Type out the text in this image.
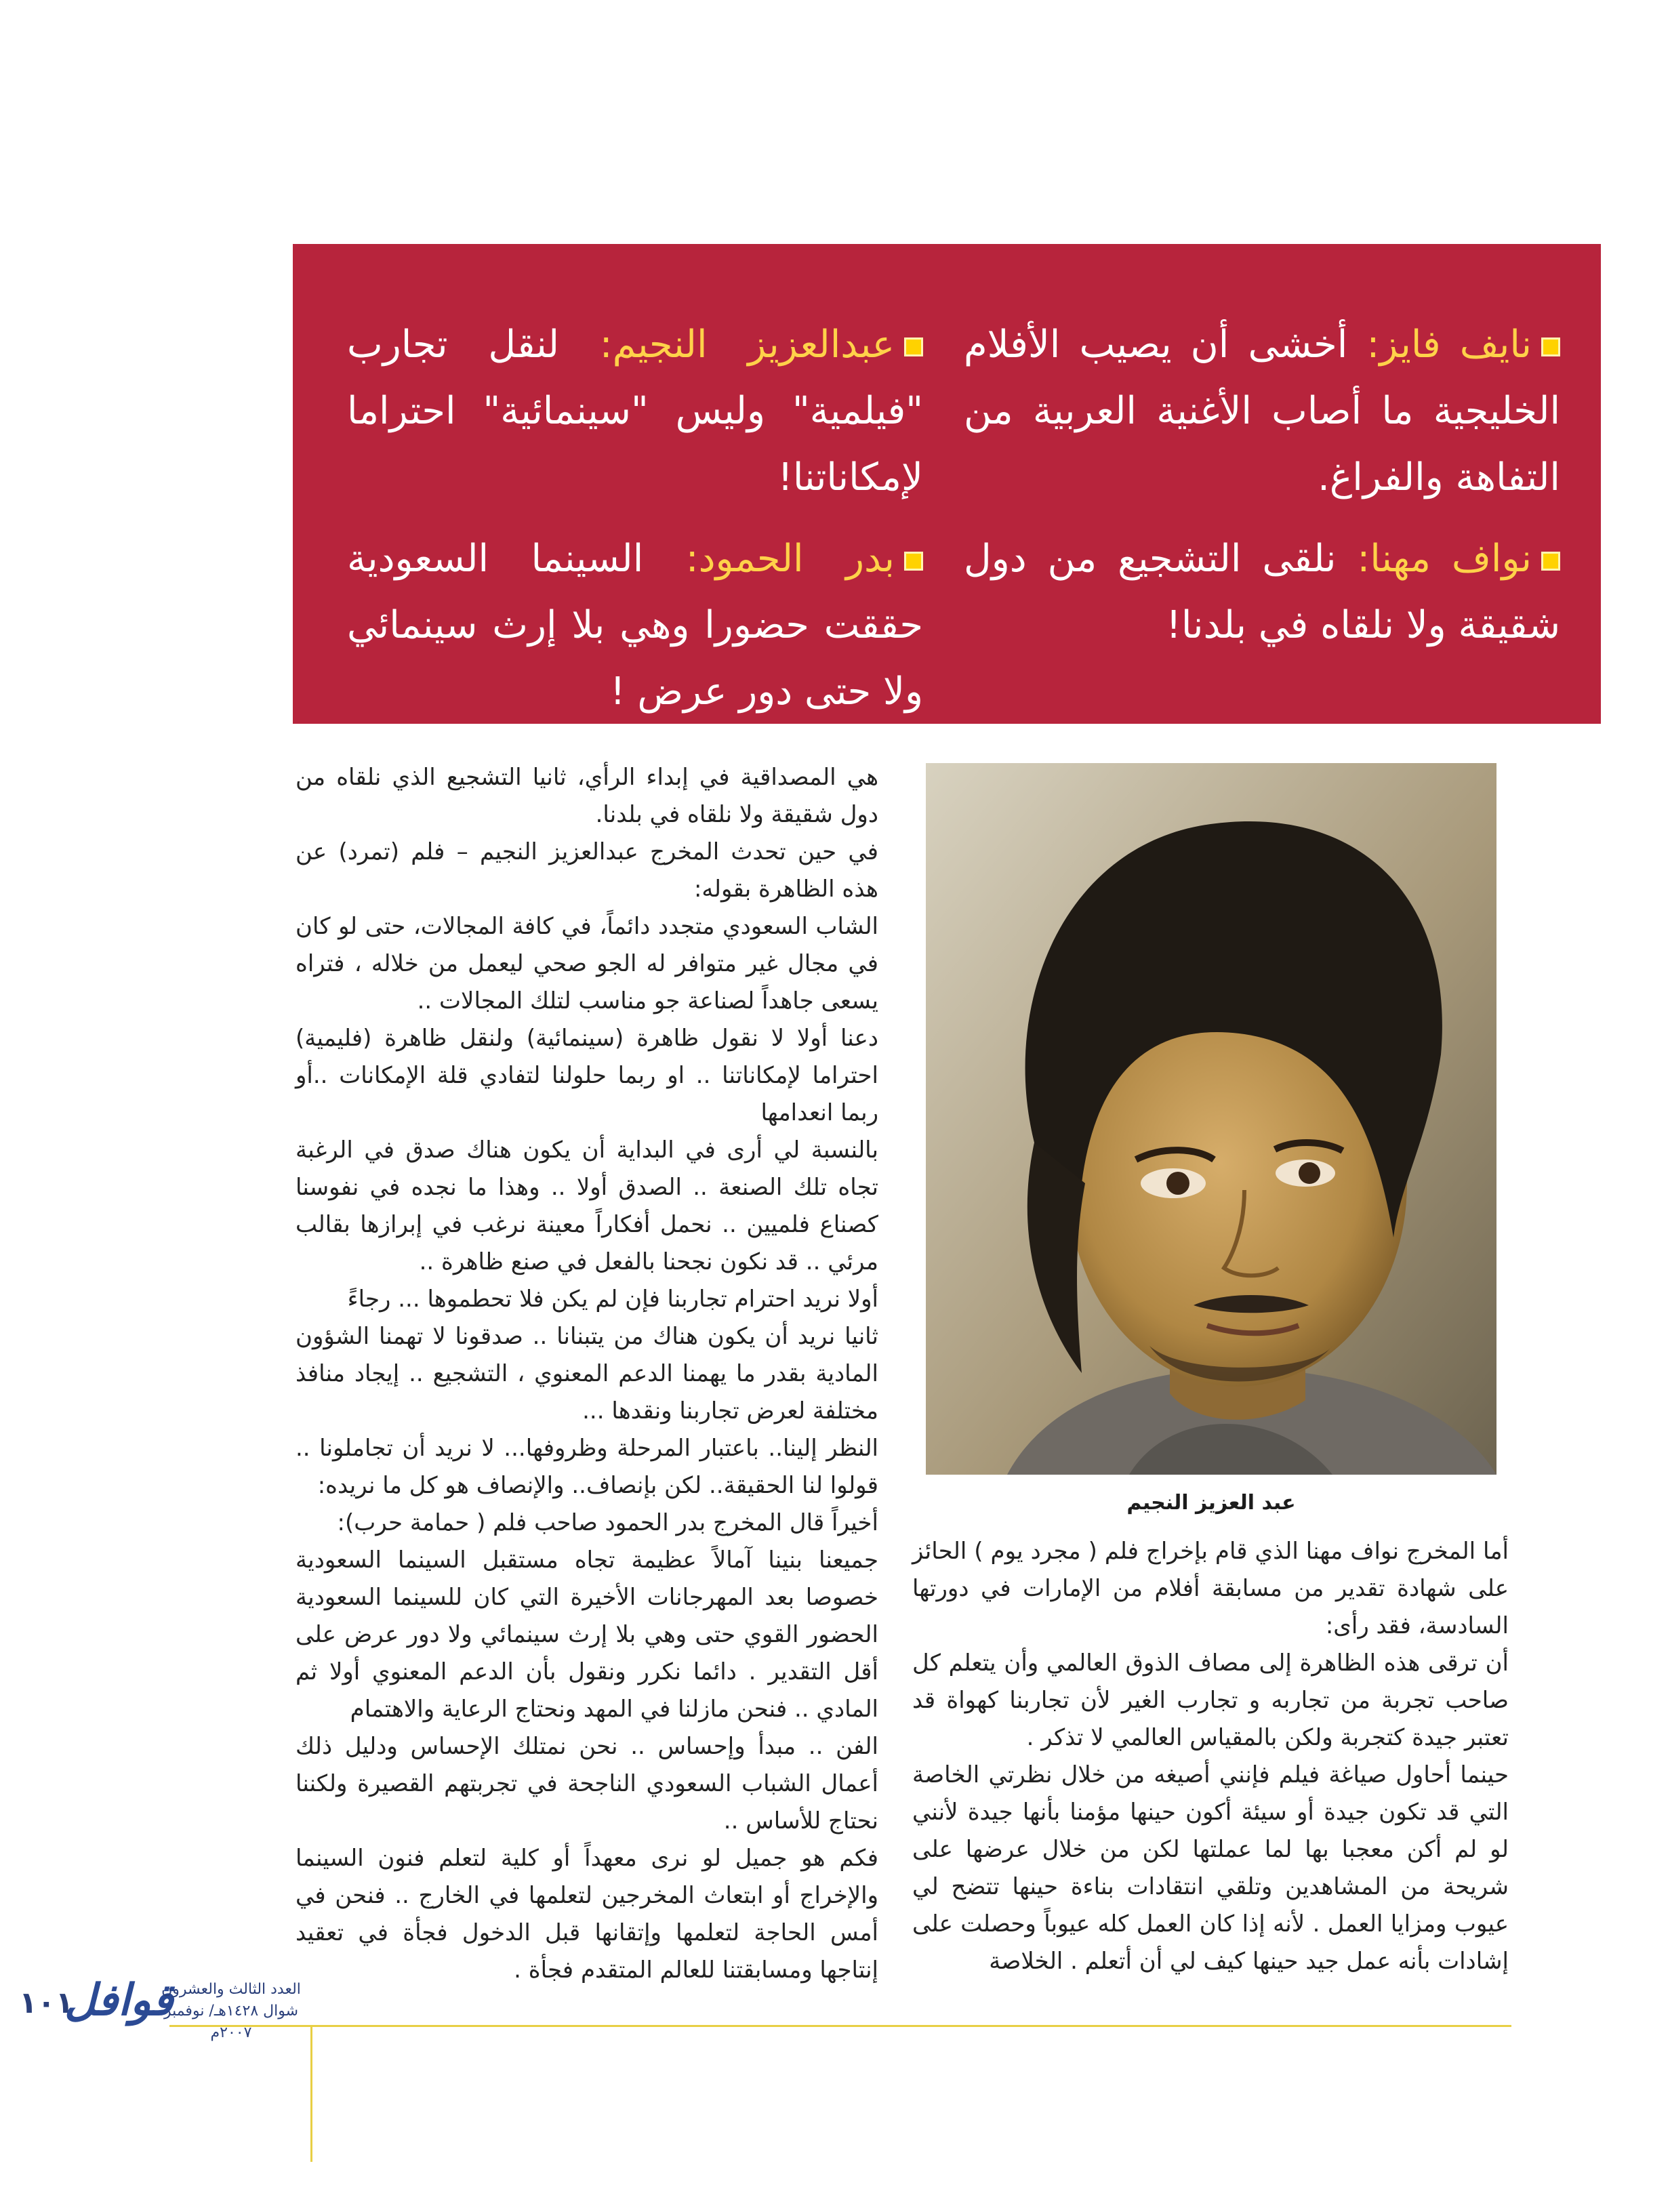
نايف فايز: أخشى أن يصيب الأفلام الخليجية ما أصاب الأغنية العربية من التفاهة والفراغ.

نواف مهنا: نلقى التشجيع من دول شقيقة ولا نلقاه في بلدنا!

عبدالعزيز النجيم: لنقل تجارب "فيلمية" وليس "سينمائية" احتراما لإمكاناتنا!

بدر الحمود: السينما السعودية حققت حضورا وهي بلا إرث سينمائي ولا حتى دور عرض !

عبد العزيز النجيم

هي المصداقية في إبداء الرأي، ثانيا التشجيع الذي نلقاه من دول شقيقة ولا نلقاه في بلدنا.

في حين تحدث المخرج عبدالعزيز النجيم – فلم (تمرد) عن هذه الظاهرة بقوله:

الشاب السعودي متجدد دائماً، في كافة المجالات، حتى لو كان في مجال غير متوافر له الجو صحي ليعمل من خلاله ، فتراه يسعى جاهداً لصناعة جو مناسب لتلك المجالات ..

دعنا أولا لا نقول ظاهرة (سينمائية) ولنقل ظاهرة (فليمية) احتراما لإمكاناتنا .. او ربما حلولنا لتفادي قلة الإمكانات ..أو ربما انعدامها

بالنسبة لي أرى في البداية أن يكون هناك صدق في الرغبة تجاه تلك الصنعة .. الصدق أولا .. وهذا ما نجده في نفوسنا كصناع فلميين .. نحمل أفكاراً معينة نرغب في إبرازها بقالب مرئي .. قد نكون نجحنا بالفعل في صنع ظاهرة ..

أولا نريد احترام تجاربنا فإن لم يكن فلا تحطموها ... رجاءً

ثانيا نريد أن يكون هناك من يتبنانا .. صدقونا لا تهمنا الشؤون المادية بقدر ما يهمنا الدعم المعنوي ، التشجيع .. إيجاد منافذ مختلفة لعرض تجاربنا ونقدها ...

النظر إلينا.. باعتبار المرحلة وظروفها... لا نريد أن تجاملونا .. قولوا لنا الحقيقة.. لكن بإنصاف.. والإنصاف هو كل ما نريده:

أخيراً قال المخرج بدر الحمود صاحب فلم ( حمامة حرب):

جميعنا بنينا آمالاً عظيمة تجاه مستقبل السينما السعودية خصوصا بعد المهرجانات الأخيرة التي كان للسينما السعودية الحضور القوي حتى وهي بلا إرث سينمائي ولا دور عرض على أقل التقدير . دائما نكرر ونقول بأن الدعم المعنوي أولا ثم المادي .. فنحن مازلنا في المهد ونحتاج الرعاية والاهتمام

الفن .. مبدأ وإحساس .. نحن نمتلك الإحساس ودليل ذلك أعمال الشباب السعودي الناجحة في تجربتهم القصيرة ولكننا نحتاج للأساس ..

فكم هو جميل لو نرى معهداً أو كلية لتعلم فنون السينما والإخراج أو ابتعاث المخرجين لتعلمها في الخارج .. فنحن في أمس الحاجة لتعلمها وإتقانها قبل الدخول فجأة في تعقيد إنتاجها ومسابقتنا للعالم المتقدم فجأة .

أما المخرج نواف مهنا الذي قام بإخراج فلم ( مجرد يوم ) الحائز على شهادة تقدير من مسابقة أفلام من الإمارات في دورتها السادسة، فقد رأى:

أن ترقى هذه الظاهرة إلى مصاف الذوق العالمي وأن يتعلم كل صاحب تجربة من تجاربه و تجارب الغير لأن تجاربنا كهواة قد تعتبر جيدة كتجربة ولكن بالمقياس العالمي لا تذكر .

حينما أحاول صياغة فيلم فإنني أصيغه من خلال نظرتي الخاصة التي قد تكون جيدة أو سيئة أكون حينها مؤمنا بأنها جيدة لأنني لو لم أكن معجبا بها لما عملتها لكن من خلال عرضها على شريحة من المشاهدين وتلقي انتقادات بناءة حينها تتضح لي عيوب ومزايا العمل . لأنه إذا كان العمل كله عيوباً وحصلت على إشادات بأنه عمل جيد حينها كيف لي أن أتعلم . الخلاصة

١٠١
قوافل
العدد الثالث والعشرون
شوال ١٤٢٨هـ/ نوفمبر ٢٠٠٧م
